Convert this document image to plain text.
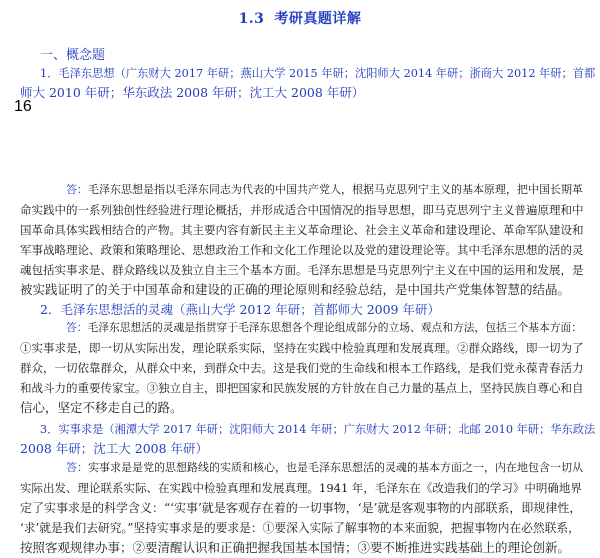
1.3 考研真题详解
一、概念题
1．毛泽东思想（广东财大 2017 年研；燕山大学 2015 年研；沈阳师大 2014 年研；浙商大 2012 年研；首都
师大 2010 年研；华东政法 2008 年研；沈工大 2008 年研）
16
答：毛泽东思想是指以毛泽东同志为代表的中国共产党人，根据马克思列宁主义的基本原理，把中国长期革
命实践中的一系列独创性经验进行理论概括，并形成适合中国情况的指导思想，即马克思列宁主义普遍原理和中
国革命具体实践相结合的产物。其主要内容有新民主主义革命理论、社会主义革命和建设理论、革命军队建设和
军事战略理论、政策和策略理论、思想政治工作和文化工作理论以及党的建设理论等。其中毛泽东思想的活的灵
魂包括实事求是、群众路线以及独立自主三个基本方面。毛泽东思想是马克思列宁主义在中国的运用和发展，是
被实践证明了的关于中国革命和建设的正确的理论原则和经验总结，是中国共产党集体智慧的结晶。
2．毛泽东思想活的灵魂（燕山大学 2012 年研；首都师大 2009 年研）
答：毛泽东思想活的灵魂是指贯穿于毛泽东思想各个理论组成部分的立场、观点和方法，包括三个基本方面：
①实事求是，即一切从实际出发，理论联系实际，坚持在实践中检验真理和发展真理。②群众路线，即一切为了
群众，一切依靠群众，从群众中来，到群众中去。这是我们党的生命线和根本工作路线，是我们党永葆青春活力
和战斗力的重要传家宝。③独立自主，即把国家和民族发展的方针放在自己力量的基点上，坚持民族自尊心和自
信心，坚定不移走自己的路。
3．实事求是（湘潭大学 2017 年研；沈阳师大 2014 年研；广东财大 2012 年研；北邮 2010 年研；华东政法
2008 年研；沈工大 2008 年研）
答：实事求是是党的思想路线的实质和核心，也是毛泽东思想活的灵魂的基本方面之一，内在地包含一切从
实际出发、理论联系实际、在实践中检验真理和发展真理。1941 年，毛泽东在《改造我们的学习》中明确地界
定了实事求是的科学含义：“‘实事’就是客观存在着的一切事物，‘是’就是客观事物的内部联系，即规律性，
‘求’就是我们去研究。”坚持实事求是的要求是：①要深入实际了解事物的本来面貌，把握事物内在必然联系，
按照客观规律办事；②要清醒认识和正确把握我国基本国情；③要不断推进实践基础上的理论创新。
